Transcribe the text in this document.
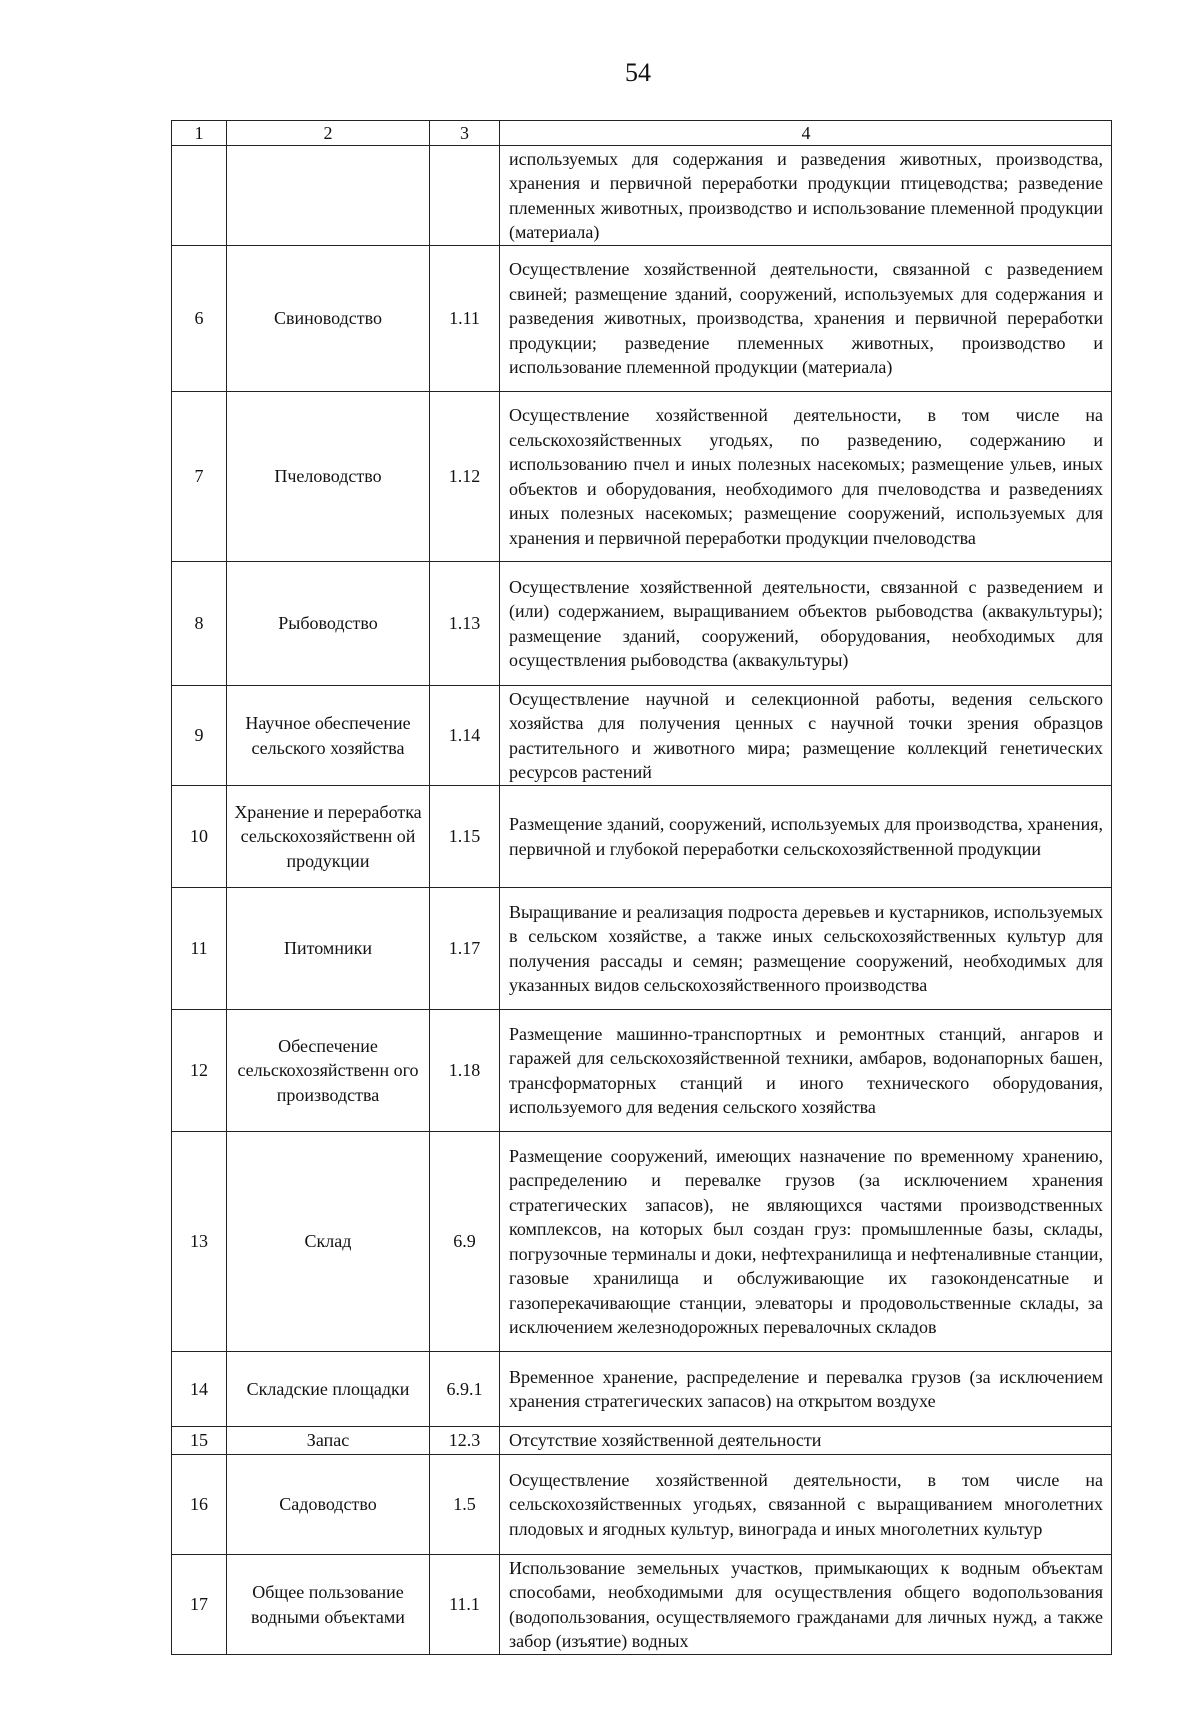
54
1	2	3	4
			используемых для содержания и разведения животных, производства, хранения и первичной переработки продукции птицеводства; разведение племенных животных, производство и использование племенной продукции (материала)
6	Свиноводство	1.11	Осуществление хозяйственной деятельности, связанной с разведением свиней; размещение зданий, сооружений, используемых для содержания и разведения животных, производства, хранения и первичной переработки продукции; разведение племенных животных, производство и использование племенной продукции (материала)
7	Пчеловодство	1.12	Осуществление хозяйственной деятельности, в том числе на сельскохозяйственных угодьях, по разведению, содержанию и использованию пчел и иных полезных насекомых; размещение ульев, иных объектов и оборудования, необходимого для пчеловодства и разведениях иных полезных насекомых; размещение сооружений, используемых для хранения и первичной переработки продукции пчеловодства
8	Рыбоводство	1.13	Осуществление хозяйственной деятельности, связанной с разведением и (или) содержанием, выращиванием объектов рыбоводства (аквакультуры); размещение зданий, сооружений, оборудования, необходимых для осуществления рыбоводства (аквакультуры)
9	Научное обеспечение сельского хозяйства	1.14	Осуществление научной и селекционной работы, ведения сельского хозяйства для получения ценных с научной точки зрения образцов растительного и животного мира; размещение коллекций генетических ресурсов растений
10	Хранение и переработка сельскохозяйственн ой продукции	1.15	Размещение зданий, сооружений, используемых для производства, хранения, первичной и глубокой переработки сельскохозяйственной продукции
11	Питомники	1.17	Выращивание и реализация подроста деревьев и кустарников, используемых в сельском хозяйстве, а также иных сельскохозяйственных культур для получения рассады и семян; размещение сооружений, необходимых для указанных видов сельскохозяйственного производства
12	Обеспечение сельскохозяйственн ого производства	1.18	Размещение машинно-транспортных и ремонтных станций, ангаров и гаражей для сельскохозяйственной техники, амбаров, водонапорных башен, трансформаторных станций и иного технического оборудования, используемого для ведения сельского хозяйства
13	Склад	6.9	Размещение сооружений, имеющих назначение по временному хранению, распределению и перевалке грузов (за исключением хранения стратегических запасов), не являющихся частями производственных комплексов, на которых был создан груз: промышленные базы, склады, погрузочные терминалы и доки, нефтехранилища и нефтеналивные станции, газовые хранилища и обслуживающие их газоконденсатные и газоперекачивающие станции, элеваторы и продовольственные склады, за исключением железнодорожных перевалочных складов
14	Складские площадки	6.9.1	Временное хранение, распределение и перевалка грузов (за исключением хранения стратегических запасов) на открытом воздухе
15	Запас	12.3	Отсутствие хозяйственной деятельности
16	Садоводство	1.5	Осуществление хозяйственной деятельности, в том числе на сельскохозяйственных угодьях, связанной с выращиванием многолетних плодовых и ягодных культур, винограда и иных многолетних культур
17	Общее пользование водными объектами	11.1	Использование земельных участков, примыкающих к водным объектам способами, необходимыми для осуществления общего водопользования (водопользования, осуществляемого гражданами для личных нужд, а также забор (изъятие) водных
